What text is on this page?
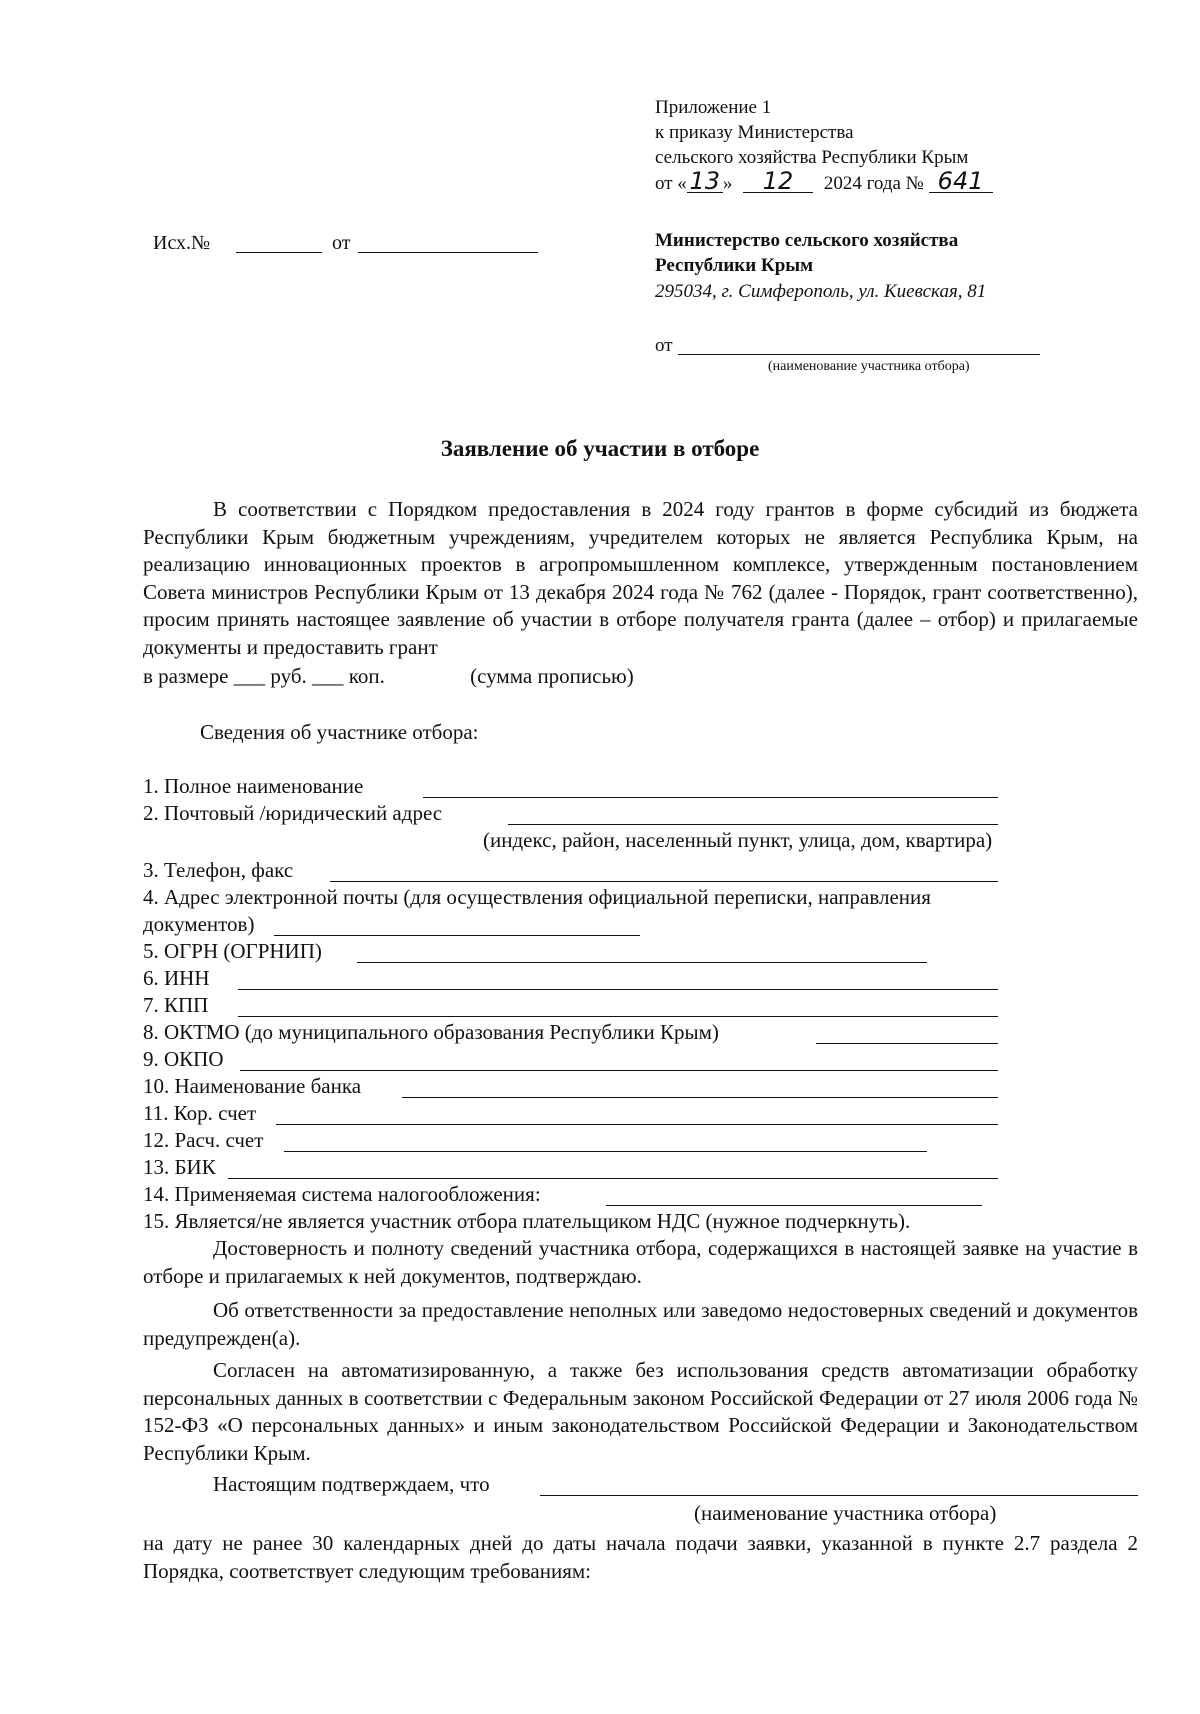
Приложение 1
к приказу Министерства
сельского хозяйства Республики Крым
от « 13 » 12 2024 года № 641
Исх.№	от	Министерство сельского хозяйства
Республики Крым
295034, г. Симферополь, ул. Киевская, 81
от
(наименование участника отбора)
Заявление об участии в отборе
В соответствии с Порядком предоставления в 2024 году грантов в форме субсидий из бюджета Республики Крым бюджетным учреждениям, учредителем которых не является Республика Крым, на реализацию инновационных проектов в агропромышленном комплексе, утвержденным постановлением Совета министров Республики Крым от 13 декабря 2024 года № 762 (далее - Порядок, грант соответственно), просим принять настоящее заявление об участии в отборе получателя гранта (далее – отбор) и прилагаемые документы и предоставить грант
в размере ___ руб. ___ коп.	(сумма прописью)
Сведения об участнике отбора:
1. Полное наименование
2. Почтовый /юридический адрес
(индекс, район, населенный пункт, улица, дом, квартира)
3. Телефон, факс
4. Адрес электронной почты (для осуществления официальной переписки, направления
документов)
5. ОГРН (ОГРНИП)
6. ИНН
7. КПП
8. ОКТМО (до муниципального образования Республики Крым)
9. ОКПО
10. Наименование банка
11. Кор. счет
12. Расч. счет
13. БИК
14. Применяемая система налогообложения:
15. Является/не является участник отбора плательщиком НДС (нужное подчеркнуть).
Достоверность и полноту сведений участника отбора, содержащихся в настоящей заявке на участие в отборе и прилагаемых к ней документов, подтверждаю.
Об ответственности за предоставление неполных или заведомо недостоверных сведений и документов предупрежден(а).
Согласен на автоматизированную, а также без использования средств автоматизации обработку персональных данных в соответствии с Федеральным законом Российской Федерации от 27 июля 2006 года № 152-ФЗ «О персональных данных» и иным законодательством Российской Федерации и Законодательством Республики Крым.
Настоящим подтверждаем, что
(наименование участника отбора)
на дату не ранее 30 календарных дней до даты начала подачи заявки, указанной в пункте 2.7 раздела 2 Порядка, соответствует следующим требованиям:
